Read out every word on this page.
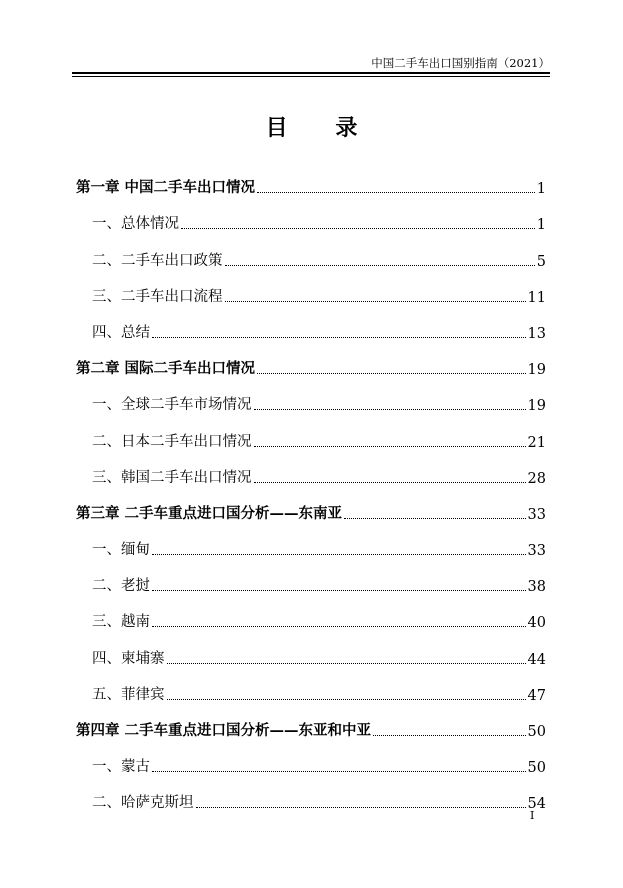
中国二手车出口国别指南（2021）
目 录
第一章 中国二手车出口情况	1
一、总体情况	1
二、二手车出口政策	5
三、二手车出口流程	11
四、总结	13
第二章 国际二手车出口情况	19
一、全球二手车市场情况	19
二、日本二手车出口情况	21
三、韩国二手车出口情况	28
第三章 二手车重点进口国分析——东南亚	33
一、缅甸	33
二、老挝	38
三、越南	40
四、柬埔寨	44
五、菲律宾	47
第四章 二手车重点进口国分析——东亚和中亚	50
一、蒙古	50
二、哈萨克斯坦	54
I
